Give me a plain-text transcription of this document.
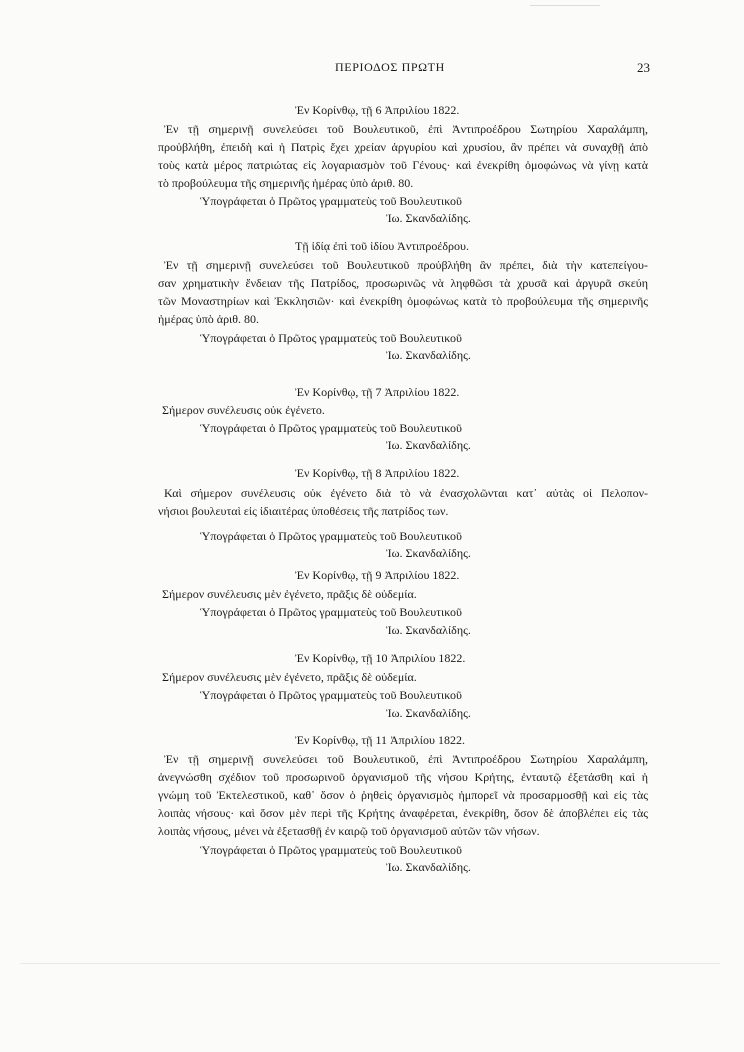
ΠΕΡΙΟΔΟΣ ΠΡΩΤΗ	23
Ἐν Κορίνθῳ, τῇ 6 Ἀπριλίου 1822.
Ἐν τῇ σημερινῇ συνελεύσει τοῦ Βουλευτικοῦ, ἐπὶ Ἀντιπροέδρου Σωτηρίου Χαραλάμπη,
προὐβλήθη, ἐπειδὴ καὶ ἡ Πατρὶς ἔχει χρείαν ἀργυρίου καὶ χρυσίου, ἂν πρέπει νὰ συναχθῇ ἀπὸ
τοὺς κατὰ μέρος πατριώτας εἰς λογαριασμὸν τοῦ Γένους· καὶ ἐνεκρίθη ὁμοφώνως νὰ γίνῃ κατὰ
τὸ προβούλευμα τῆς σημερινῆς ἡμέρας ὑπὸ ἀριθ. 80.
Ὑπογράφεται ὁ Πρῶτος γραμματεὺς τοῦ Βουλευτικοῦ
Ἰω. Σκανδαλίδης.
Τῇ ἰδίᾳ ἐπὶ τοῦ ἰδίου Ἀντιπροέδρου.
Ἐν τῇ σημερινῇ συνελεύσει τοῦ Βουλευτικοῦ προὐβλήθη ἂν πρέπει, διὰ τὴν κατεπείγου-
σαν χρηματικὴν ἔνδειαν τῆς Πατρίδος, προσωρινῶς νὰ ληφθῶσι τὰ χρυσᾶ καὶ ἀργυρᾶ σκεύη
τῶν Μοναστηρίων καὶ Ἐκκλησιῶν· καὶ ἐνεκρίθη ὁμοφώνως κατὰ τὸ προβούλευμα τῆς σημερινῆς
ἡμέρας ὑπὸ ἀριθ. 80.
Ὑπογράφεται ὁ Πρῶτος γραμματεὺς τοῦ Βουλευτικοῦ
Ἰω. Σκανδαλίδης.
Ἐν Κορίνθῳ, τῇ 7 Ἀπριλίου 1822.
Σήμερον συνέλευσις οὐκ ἐγένετο.
Ὑπογράφεται ὁ Πρῶτος γραμματεὺς τοῦ Βουλευτικοῦ
Ἰω. Σκανδαλίδης.
Ἐν Κορίνθῳ, τῇ 8 Ἀπριλίου 1822.
Καὶ σήμερον συνέλευσις οὐκ ἐγένετο διὰ τὸ νὰ ἐνασχολῶνται κατ᾽ αὐτὰς οἱ Πελοπον-
νήσιοι βουλευταὶ εἰς ἰδιαιτέρας ὑποθέσεις τῆς πατρίδος των.
Ὑπογράφεται ὁ Πρῶτος γραμματεὺς τοῦ Βουλευτικοῦ
Ἰω. Σκανδαλίδης.
Ἐν Κορίνθῳ, τῇ 9 Ἀπριλίου 1822.
Σήμερον συνέλευσις μὲν ἐγένετο, πρᾶξις δὲ οὐδεμία.
Ὑπογράφεται ὁ Πρῶτος γραμματεὺς τοῦ Βουλευτικοῦ
Ἰω. Σκανδαλίδης.
Ἐν Κορίνθῳ, τῇ 10 Ἀπριλίου 1822.
Σήμερον συνέλευσις μὲν ἐγένετο, πρᾶξις δὲ οὐδεμία.
Ὑπογράφεται ὁ Πρῶτος γραμματεὺς τοῦ Βουλευτικοῦ
Ἰω. Σκανδαλίδης.
Ἐν Κορίνθῳ, τῇ 11 Ἀπριλίου 1822.
Ἐν τῇ σημερινῇ συνελεύσει τοῦ Βουλευτικοῦ, ἐπὶ Ἀντιπροέδρου Σωτηρίου Χαραλάμπη,
ἀνεγνώσθη σχέδιον τοῦ προσωρινοῦ ὀργανισμοῦ τῆς νήσου Κρήτης, ἐνταυτῷ ἐξετάσθη καὶ ἡ
γνώμη τοῦ Ἐκτελεστικοῦ, καθ᾽ ὅσον ὁ ῥηθεὶς ὀργανισμὸς ἠμπορεῖ νὰ προσαρμοσθῇ καὶ εἰς τὰς
λοιπὰς νήσους· καὶ ὅσον μὲν περὶ τῆς Κρήτης ἀναφέρεται, ἐνεκρίθη, ὅσον δὲ ἀποβλέπει εἰς τὰς
λοιπὰς νήσους, μένει νὰ ἐξετασθῇ ἐν καιρῷ τοῦ ὀργανισμοῦ αὐτῶν τῶν νήσων.
Ὑπογράφεται ὁ Πρῶτος γραμματεὺς τοῦ Βουλευτικοῦ
Ἰω. Σκανδαλίδης.
